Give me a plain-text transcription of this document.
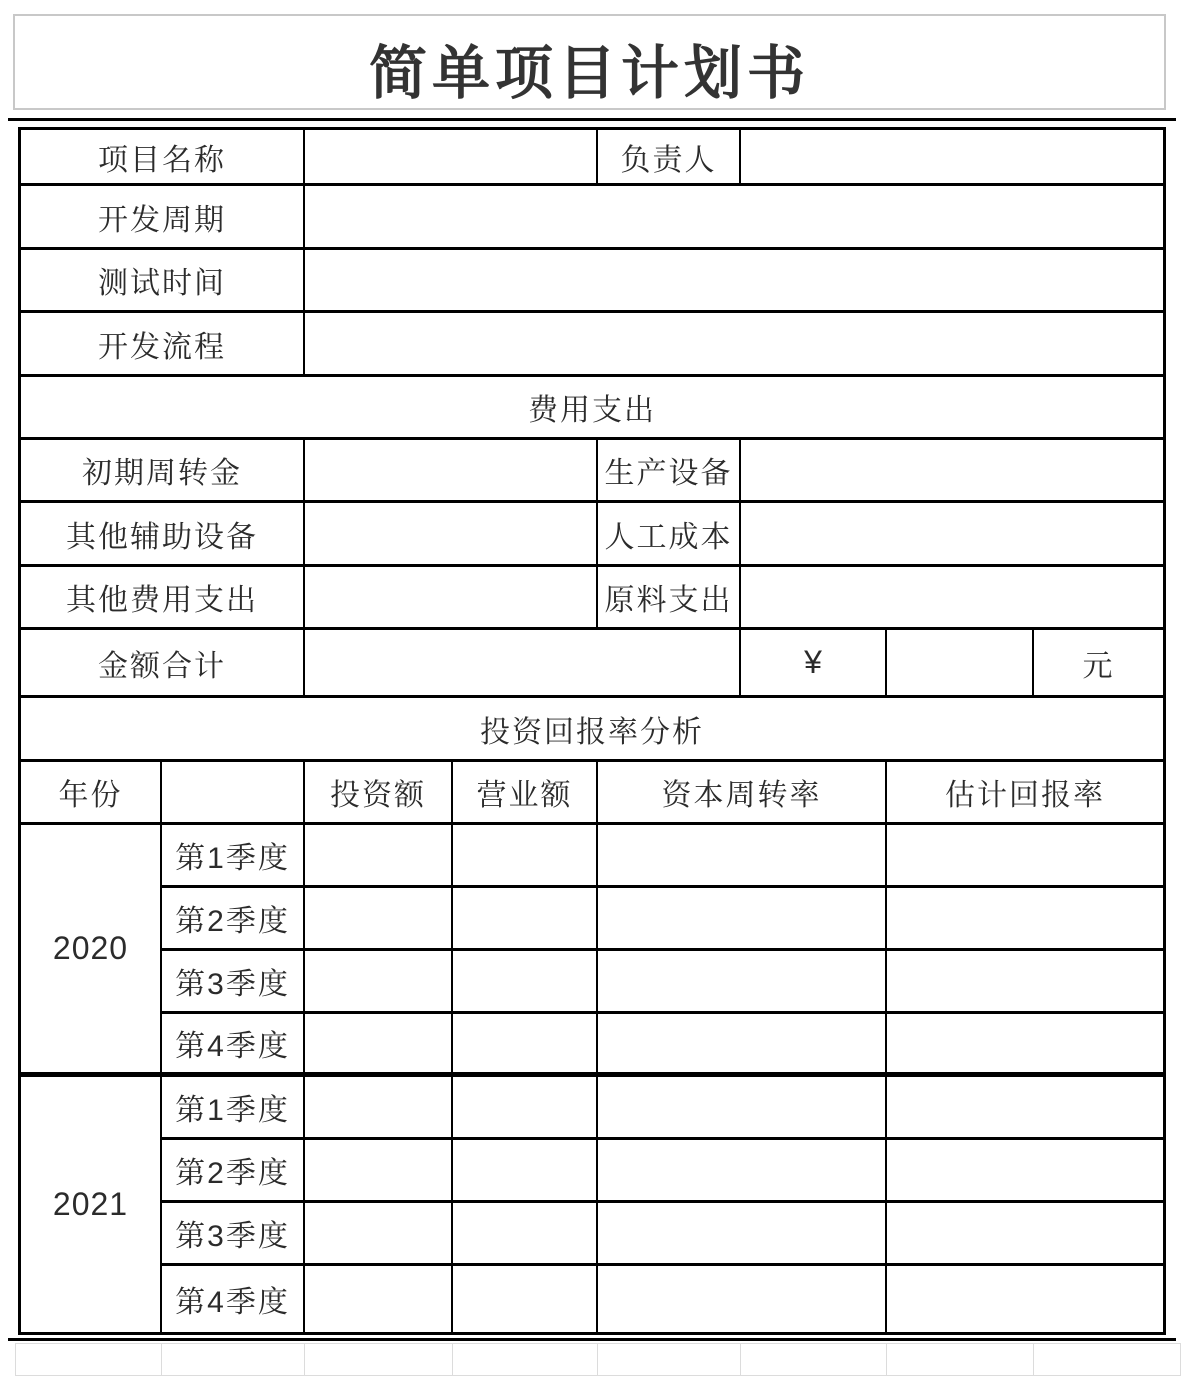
简单项目计划书
项目名称	负责人
开发周期
测试时间
开发流程
费用支出
初期周转金	生产设备
其他辅助设备	人工成本
其他费用支出	原料支出
金额合计	¥	元
投资回报率分析
年份	投资额	营业额	资本周转率	估计回报率
2020
第1季度
第2季度
第3季度
第4季度
2021
第1季度
第2季度
第3季度
第4季度
